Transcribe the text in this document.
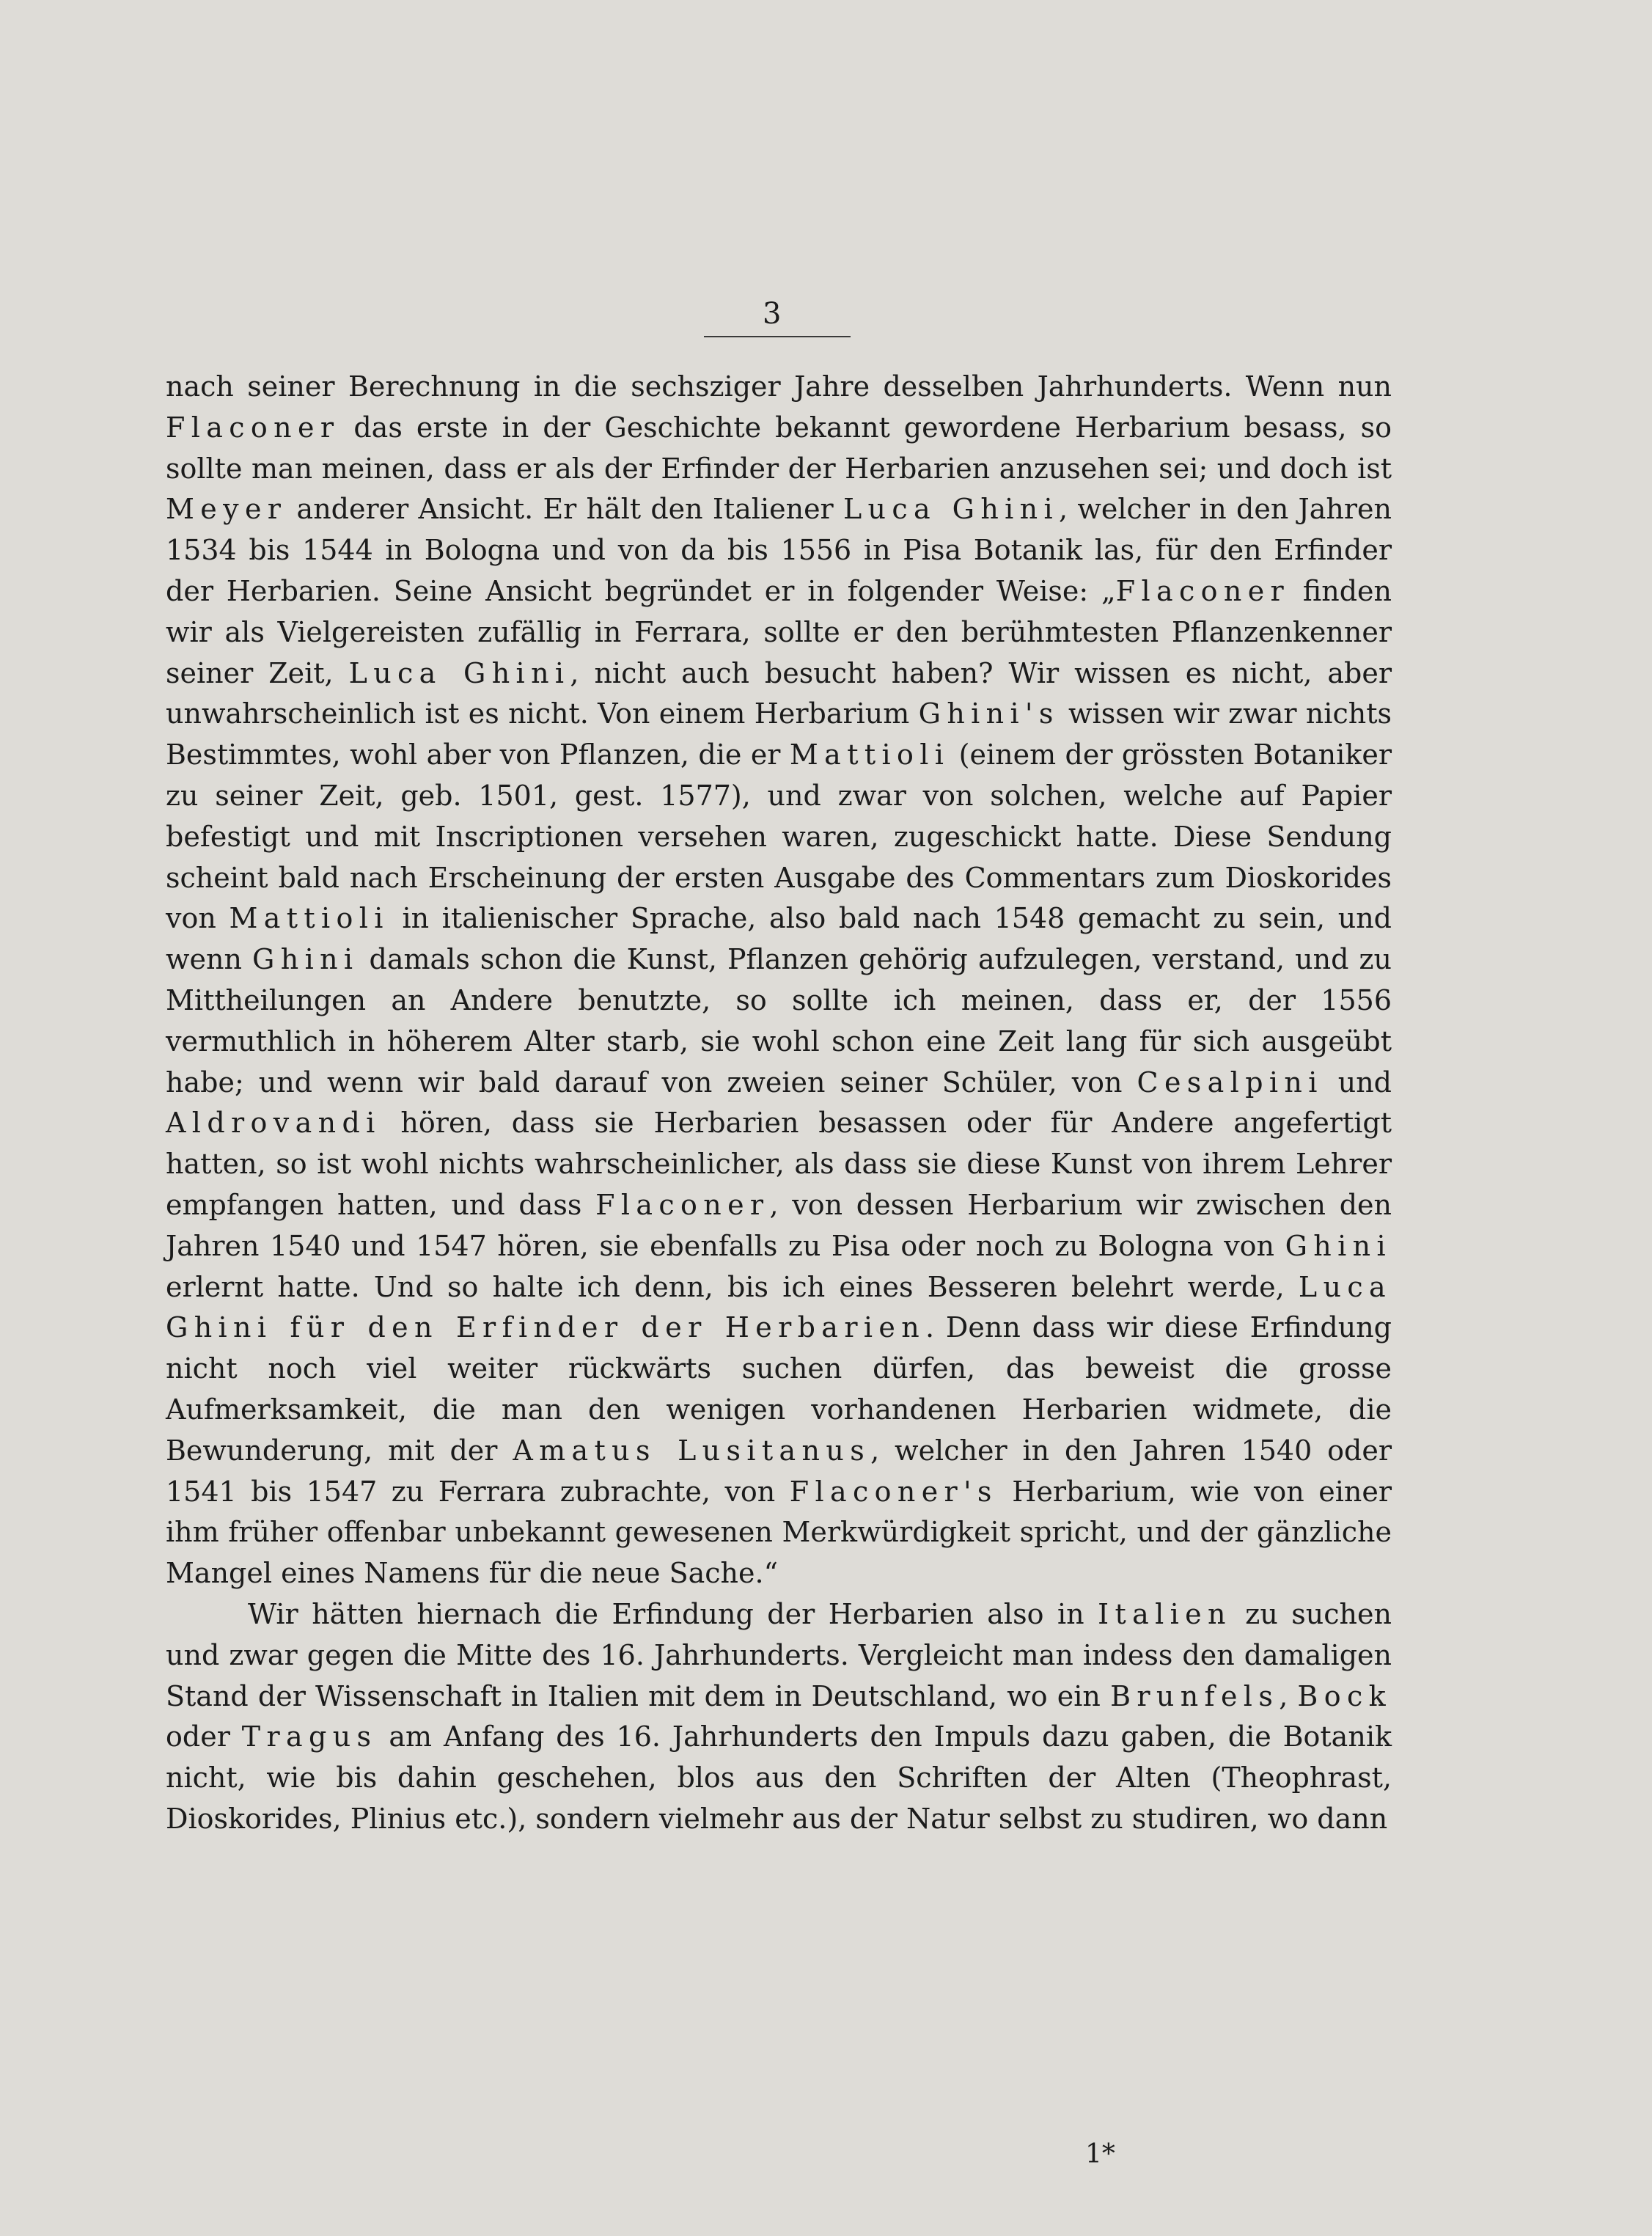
3

nach seiner Berechnung in die sechsziger Jahre desselben Jahrhunderts. Wenn nun Flaconer das erste in der Geschichte bekannt gewordene Herbarium besass, so sollte man meinen, dass er als der Erfinder der Herbarien anzusehen sei; und doch ist Meyer anderer Ansicht. Er hält den Italiener Luca Ghini, welcher in den Jahren 1534 bis 1544 in Bologna und von da bis 1556 in Pisa Botanik las, für den Erfinder der Herbarien. Seine Ansicht begründet er in folgender Weise: „Flaconer finden wir als Vielgereisten zufällig in Ferrara, sollte er den berühmtesten Pflanzenkenner seiner Zeit, Luca Ghini, nicht auch besucht haben? Wir wissen es nicht, aber unwahrscheinlich ist es nicht. Von einem Herbarium Ghini's wissen wir zwar nichts Bestimmtes, wohl aber von Pflanzen, die er Mattioli (einem der grössten Botaniker zu seiner Zeit, geb. 1501, gest. 1577), und zwar von solchen, welche auf Papier befestigt und mit Inscriptionen versehen waren, zugeschickt hatte. Diese Sendung scheint bald nach Erscheinung der ersten Ausgabe des Commentars zum Dioskorides von Mattioli in italienischer Sprache, also bald nach 1548 gemacht zu sein, und wenn Ghini damals schon die Kunst, Pflanzen gehörig aufzulegen, verstand, und zu Mittheilungen an Andere benutzte, so sollte ich meinen, dass er, der 1556 vermuthlich in höherem Alter starb, sie wohl schon eine Zeit lang für sich ausgeübt habe; und wenn wir bald darauf von zweien seiner Schüler, von Cesalpini und Aldrovandi hören, dass sie Herbarien besassen oder für Andere angefertigt hatten, so ist wohl nichts wahrscheinlicher, als dass sie diese Kunst von ihrem Lehrer empfangen hatten, und dass Flaconer, von dessen Herbarium wir zwischen den Jahren 1540 und 1547 hören, sie ebenfalls zu Pisa oder noch zu Bologna von Ghini erlernt hatte. Und so halte ich denn, bis ich eines Besseren belehrt werde, Luca Ghini für den Erfinder der Herbarien. Denn dass wir diese Erfindung nicht noch viel weiter rückwärts suchen dürfen, das beweist die grosse Aufmerksamkeit, die man den wenigen vorhandenen Herbarien widmete, die Bewunderung, mit der Amatus Lusitanus, welcher in den Jahren 1540 oder 1541 bis 1547 zu Ferrara zubrachte, von Flaconer's Herbarium, wie von einer ihm früher offenbar unbekannt gewesenen Merkwürdigkeit spricht, und der gänzliche Mangel eines Namens für die neue Sache.“

Wir hätten hiernach die Erfindung der Herbarien also in Italien zu suchen und zwar gegen die Mitte des 16. Jahrhunderts. Vergleicht man indess den damaligen Stand der Wissenschaft in Italien mit dem in Deutschland, wo ein Brunfels, Bock oder Tragus am Anfang des 16. Jahrhunderts den Impuls dazu gaben, die Botanik nicht, wie bis dahin geschehen, blos aus den Schriften der Alten (Theophrast, Dioskorides, Plinius etc.), sondern vielmehr aus der Natur selbst zu studiren, wo dann

1*
